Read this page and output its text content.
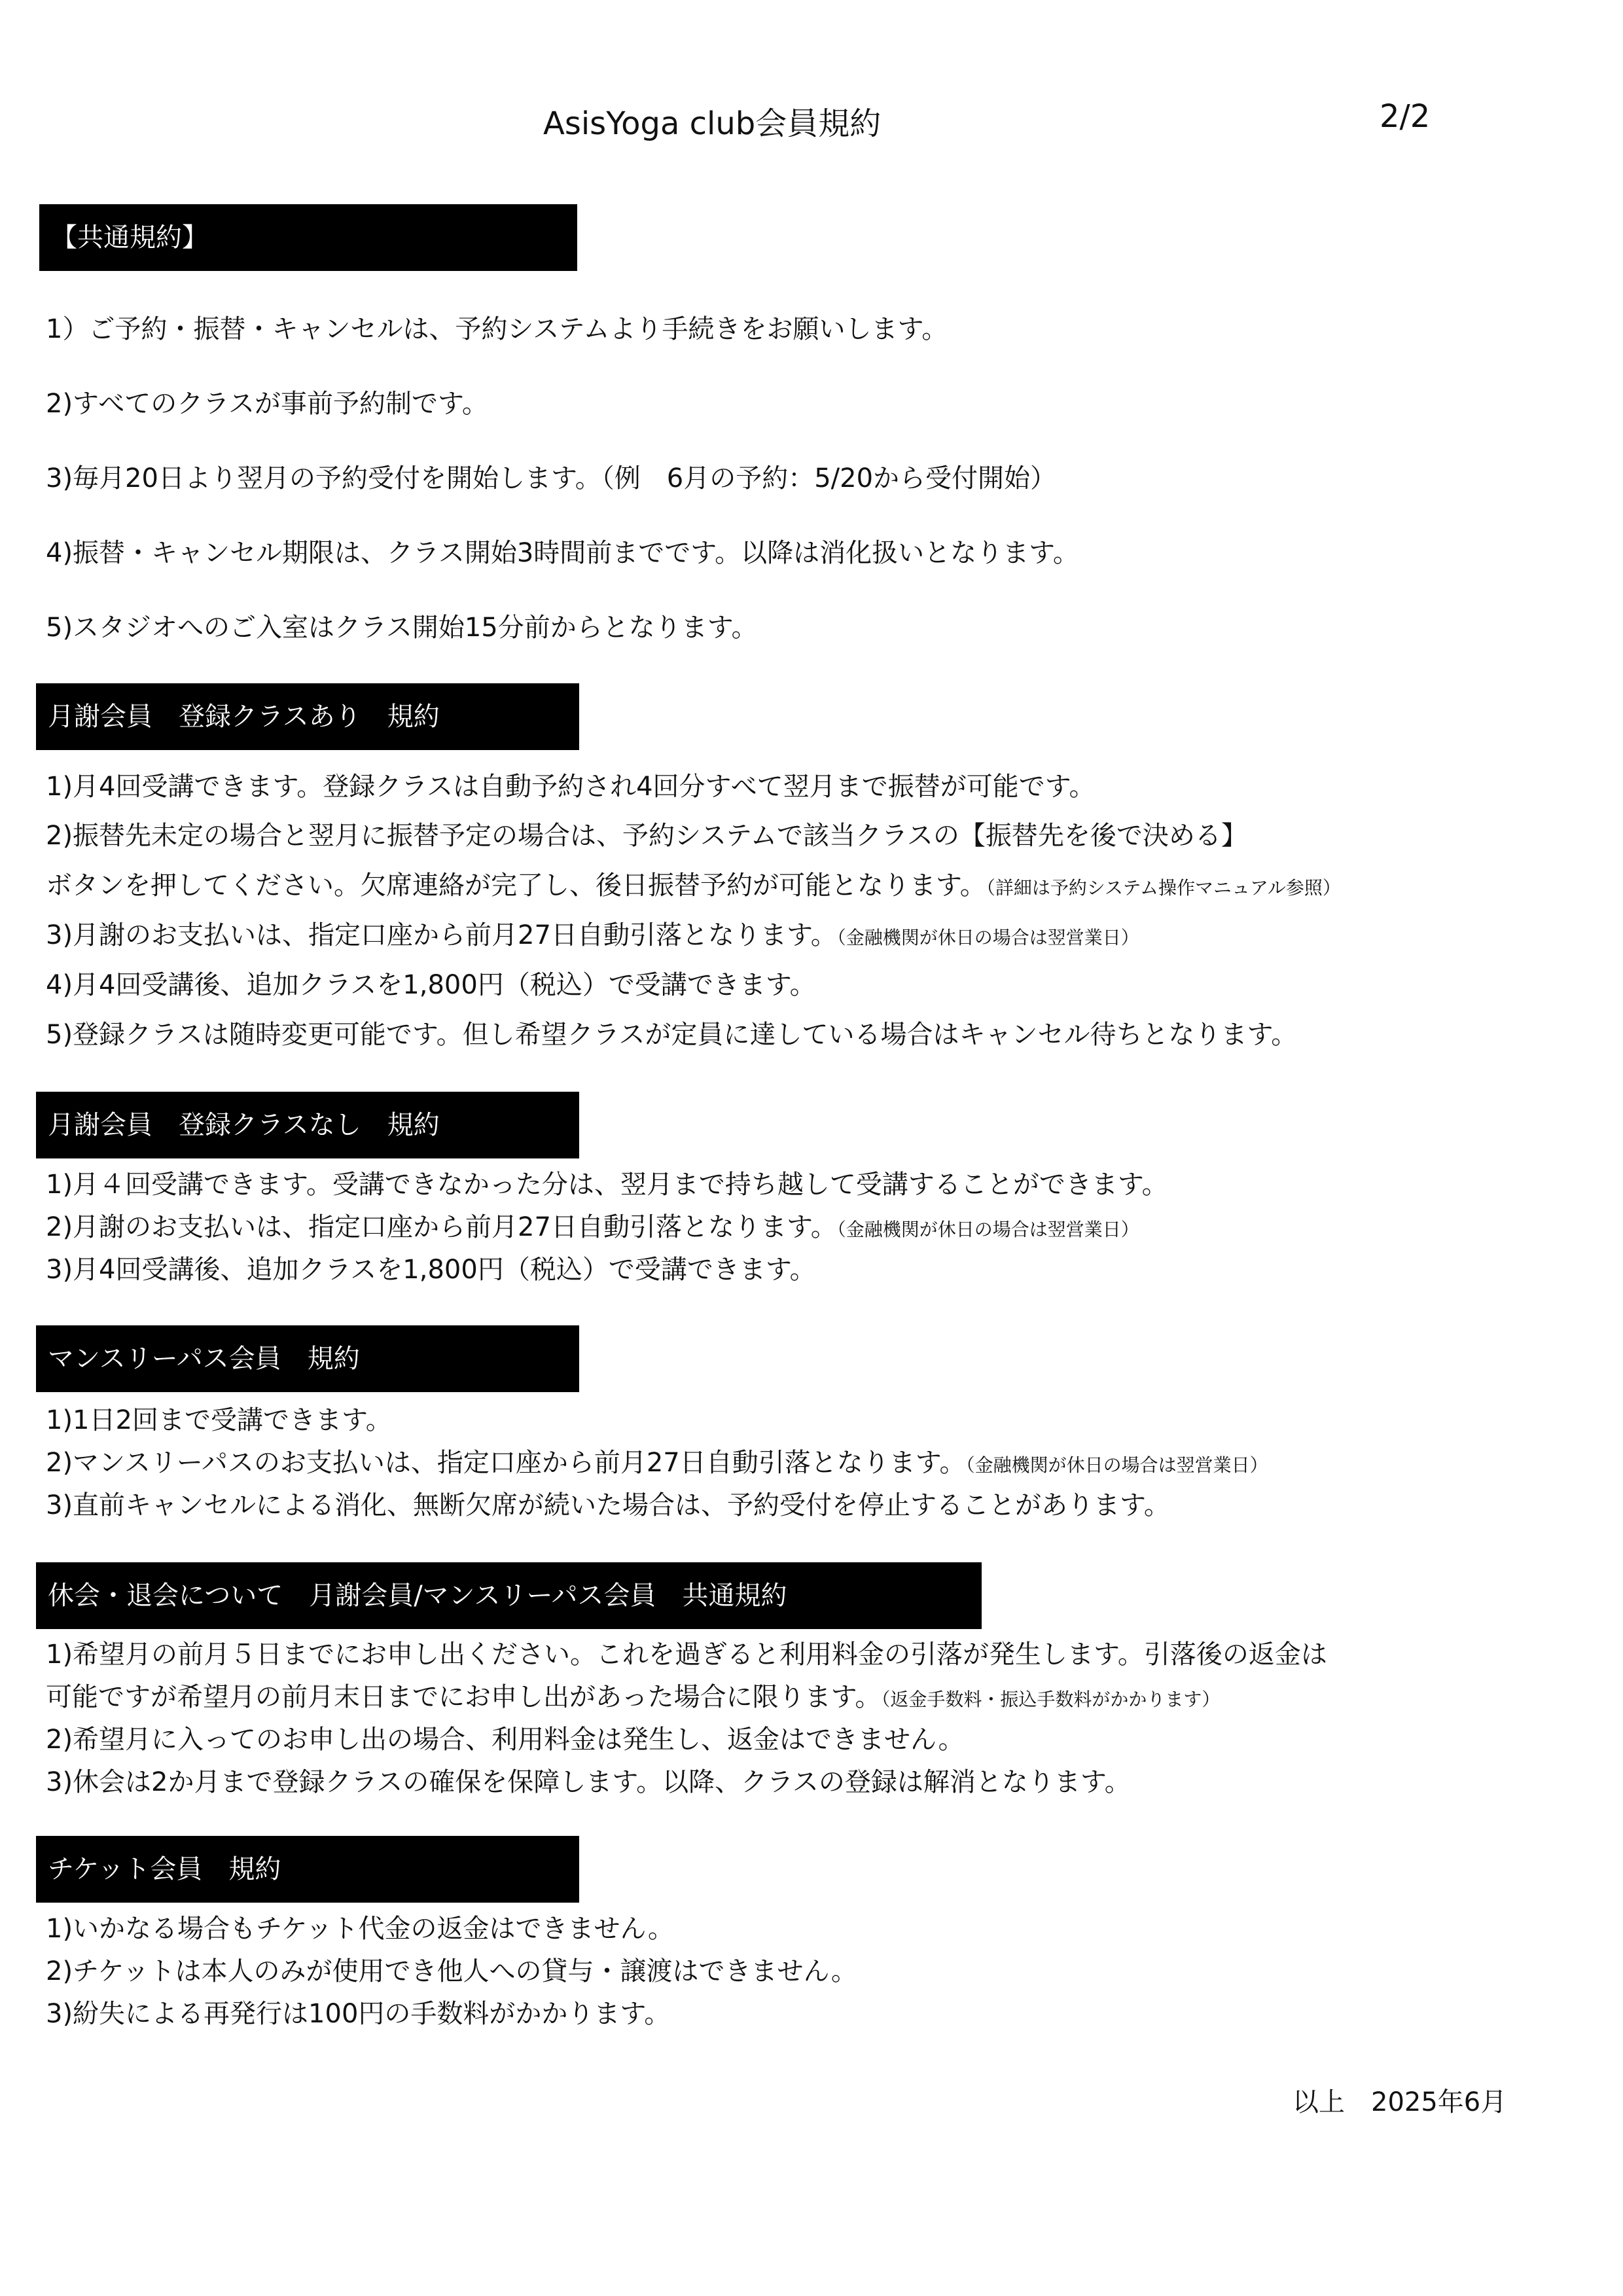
AsisYoga club会員規約	2/2
【共通規約】
1）ご予約・振替・キャンセルは、予約システムより手続きをお願いします。
2)すべてのクラスが事前予約制です。
3)毎月20日より翌月の予約受付を開始します。（例　6月の予約：5/20から受付開始）
4)振替・キャンセル期限は、クラス開始3時間前までです。以降は消化扱いとなります。
5)スタジオへのご入室はクラス開始15分前からとなります。
月謝会員　登録クラスあり　規約
1)月4回受講できます。登録クラスは自動予約され4回分すべて翌月まで振替が可能です。
2)振替先未定の場合と翌月に振替予定の場合は、予約システムで該当クラスの【振替先を後で決める】
ボタンを押してください。欠席連絡が完了し、後日振替予約が可能となります。（詳細は予約システム操作マニュアル参照）
3)月謝のお支払いは、指定口座から前月27日自動引落となります。（金融機関が休日の場合は翌営業日）
4)月4回受講後、追加クラスを1,800円（税込）で受講できます。
5)登録クラスは随時変更可能です。但し希望クラスが定員に達している場合はキャンセル待ちとなります。
月謝会員　登録クラスなし　規約
1)月４回受講できます。受講できなかった分は、翌月まで持ち越して受講することができます。
2)月謝のお支払いは、指定口座から前月27日自動引落となります。（金融機関が休日の場合は翌営業日）
3)月4回受講後、追加クラスを1,800円（税込）で受講できます。
マンスリーパス会員　規約
1)1日2回まで受講できます。
2)マンスリーパスのお支払いは、指定口座から前月27日自動引落となります。（金融機関が休日の場合は翌営業日）
3)直前キャンセルによる消化、無断欠席が続いた場合は、予約受付を停止することがあります。
休会・退会について　月謝会員/マンスリーパス会員　共通規約
1)希望月の前月５日までにお申し出ください。これを過ぎると利用料金の引落が発生します。引落後の返金は
可能ですが希望月の前月末日までにお申し出があった場合に限ります。（返金手数料・振込手数料がかかります）
2)希望月に入ってのお申し出の場合、利用料金は発生し、返金はできません。
3)休会は2か月まで登録クラスの確保を保障します。以降、クラスの登録は解消となります。
チケット会員　規約
1)いかなる場合もチケット代金の返金はできません。
2)チケットは本人のみが使用でき他人への貸与・譲渡はできません。
3)紛失による再発行は100円の手数料がかかります。
以上　2025年6月
